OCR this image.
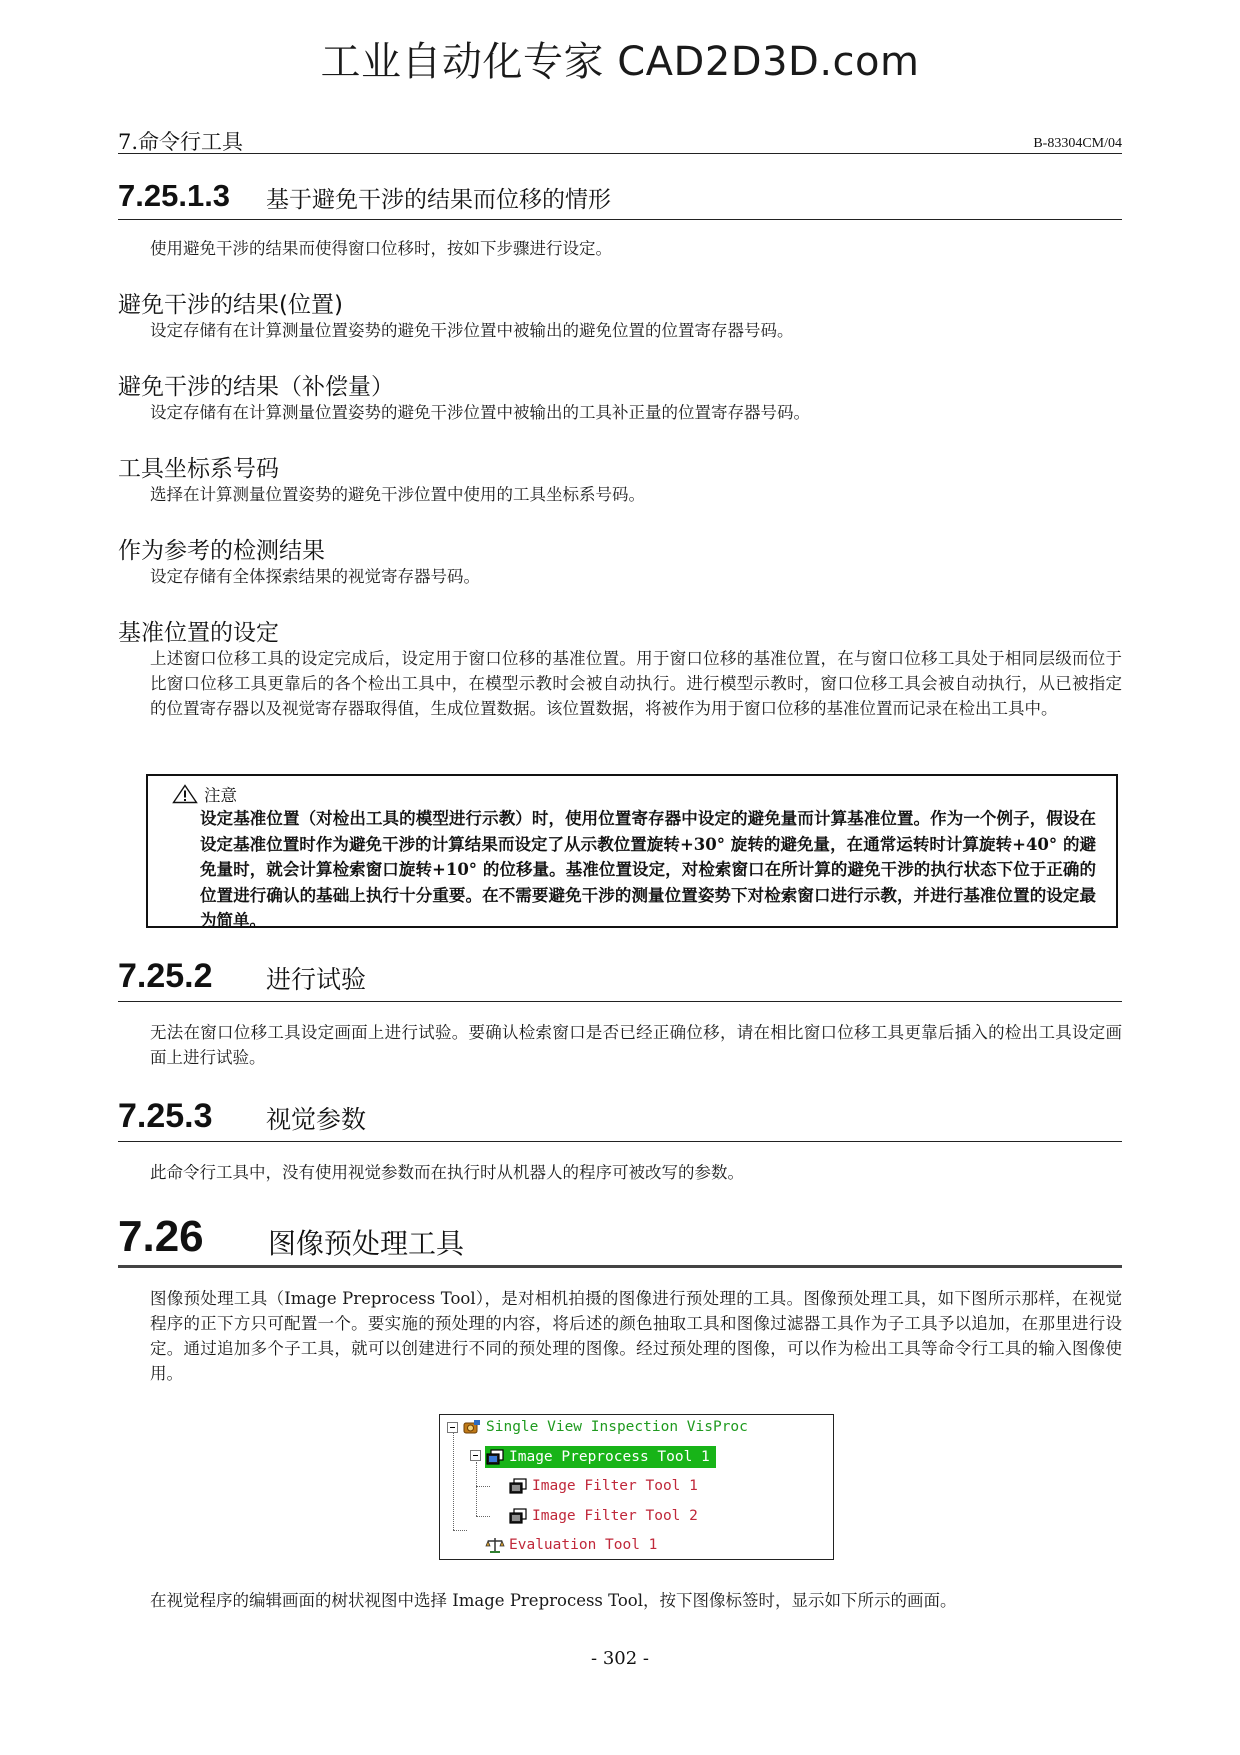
工业自动化专家 CAD2D3D.com
7.命令行工具	B-83304CM/04
7.25.1.3 基于避免干涉的结果而位移的情形
使用避免干涉的结果而使得窗口位移时，按如下步骤进行设定。
避免干涉的结果(位置)
设定存储有在计算测量位置姿势的避免干涉位置中被输出的避免位置的位置寄存器号码。
避免干涉的结果（补偿量）
设定存储有在计算测量位置姿势的避免干涉位置中被输出的工具补正量的位置寄存器号码。
工具坐标系号码
选择在计算测量位置姿势的避免干涉位置中使用的工具坐标系号码。
作为参考的检测结果
设定存储有全体探索结果的视觉寄存器号码。
基准位置的设定
上述窗口位移工具的设定完成后，设定用于窗口位移的基准位置。用于窗口位移的基准位置，在与窗口位移工具处于相同层级而位于比窗口位移工具更靠后的各个检出工具中，在模型示教时会被自动执行。进行模型示教时，窗口位移工具会被自动执行，从已被指定的位置寄存器以及视觉寄存器取得值，生成位置数据。该位置数据，将被作为用于窗口位移的基准位置而记录在检出工具中。
注意
设定基准位置（对检出工具的模型进行示教）时，使用位置寄存器中设定的避免量而计算基准位置。作为一个例子，假设在设定基准位置时作为避免干涉的计算结果而设定了从示教位置旋转+30° 旋转的避免量，在通常运转时计算旋转+40° 的避免量时，就会计算检索窗口旋转+10° 的位移量。基准位置设定，对检索窗口在所计算的避免干涉的执行状态下位于正确的位置进行确认的基础上执行十分重要。在不需要避免干涉的测量位置姿势下对检索窗口进行示教，并进行基准位置的设定最为简单。
7.25.2 进行试验
无法在窗口位移工具设定画面上进行试验。要确认检索窗口是否已经正确位移，请在相比窗口位移工具更靠后插入的检出工具设定画面上进行试验。
7.25.3 视觉参数
此命令行工具中，没有使用视觉参数而在执行时从机器人的程序可被改写的参数。
7.26 图像预处理工具
图像预处理工具（Image Preprocess Tool），是对相机拍摄的图像进行预处理的工具。图像预处理工具，如下图所示那样，在视觉程序的正下方只可配置一个。要实施的预处理的内容，将后述的颜色抽取工具和图像过滤器工具作为子工具予以追加，在那里进行设定。通过追加多个子工具，就可以创建进行不同的预处理的图像。经过预处理的图像，可以作为检出工具等命令行工具的输入图像使用。
Single View Inspection VisProc
Image Preprocess Tool 1
Image Filter Tool 1
Image Filter Tool 2
Evaluation Tool 1
在视觉程序的编辑画面的树状视图中选择 Image Preprocess Tool，按下图像标签时，显示如下所示的画面。
- 302 -
